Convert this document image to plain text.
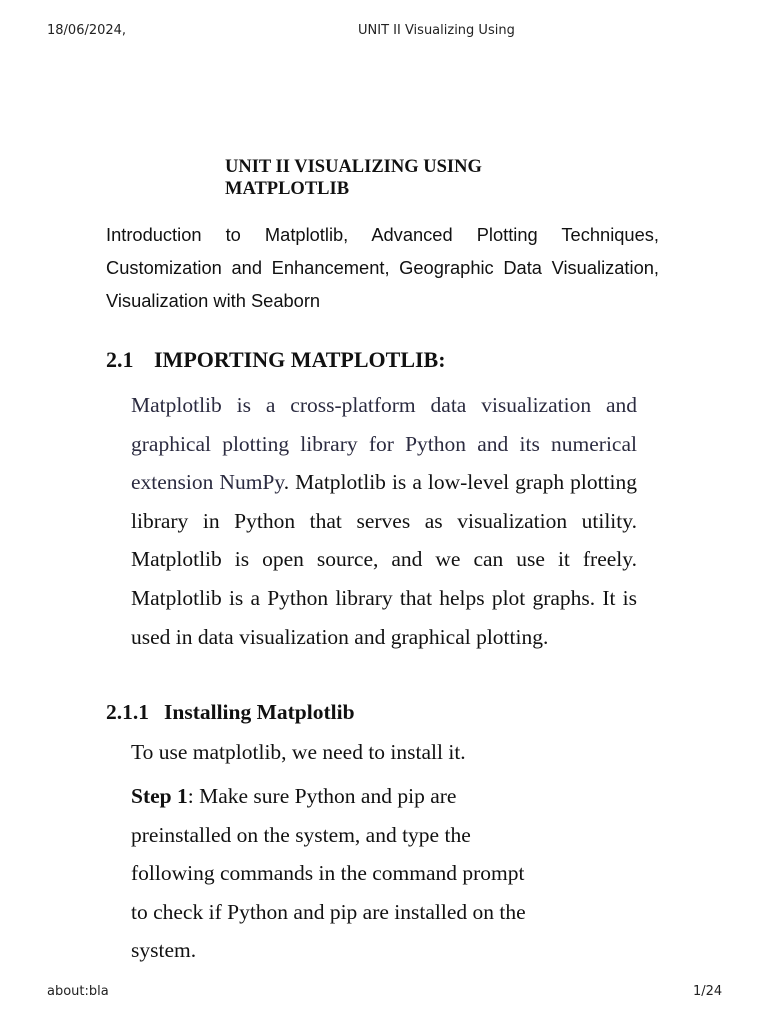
18/06/2024,	UNIT II Visualizing Using
UNIT II VISUALIZING USING
MATPLOTLIB

Introduction to Matplotlib, Advanced Plotting Techniques, Customization and Enhancement, Geographic Data Visualization, Visualization with Seaborn

2.1 IMPORTING MATPLOTLIB:

Matplotlib is a cross-platform data visualization and graphical plotting library for Python and its numerical extension NumPy. Matplotlib is a low-level graph plotting library in Python that serves as visualization utility. Matplotlib is open source, and we can use it freely. Matplotlib is a Python library that helps plot graphs. It is used in data visualization and graphical plotting.

2.1.1 Installing Matplotlib

To use matplotlib, we need to install it.

Step 1: Make sure Python and pip are
preinstalled on the system, and type the
following commands in the command prompt
to check if Python and pip are installed on the
system.

about:bla	1/24
